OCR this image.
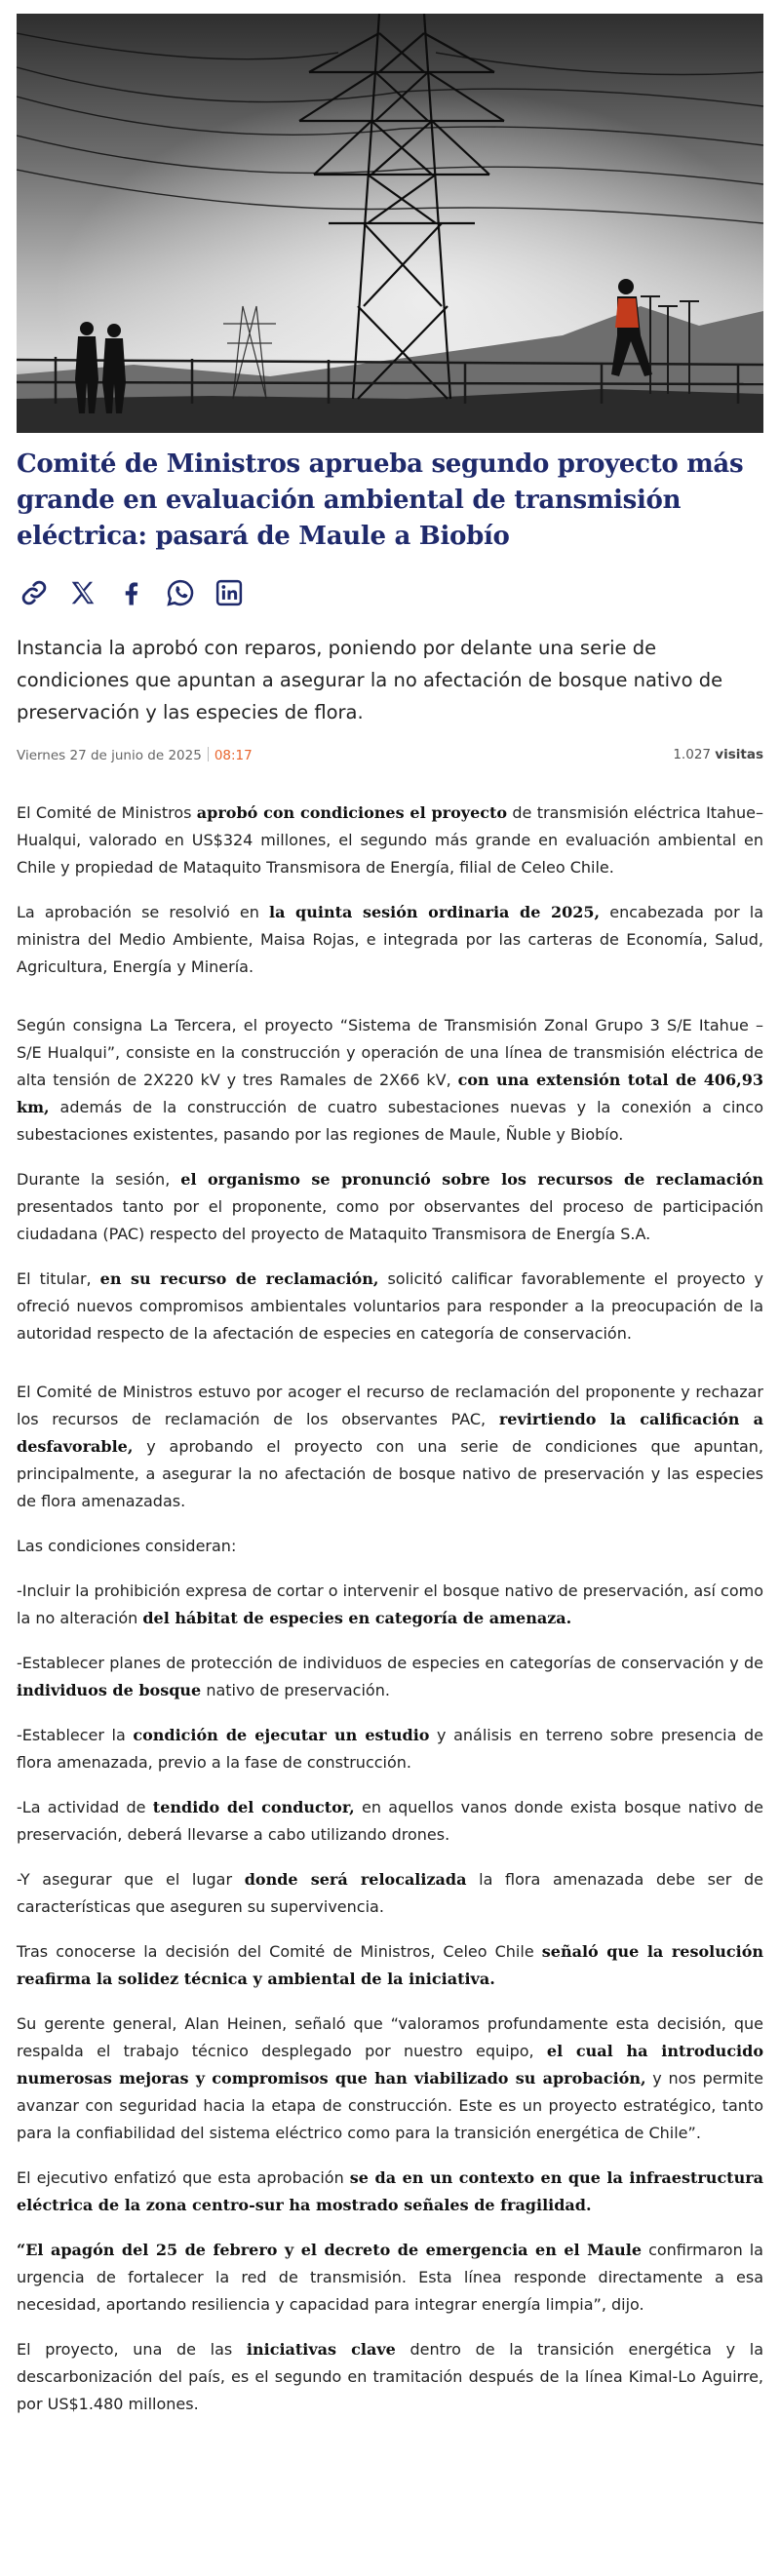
Comité de Ministros aprueba segundo proyecto más grande en evaluación ambiental de transmisión eléctrica: pasará de Maule a Biobío

Instancia la aprobó con reparos, poniendo por delante una serie de condiciones que apuntan a asegurar la no afectación de bosque nativo de preservación y las especies de flora.

Viernes 27 de junio de 2025 08:17	1.027 visitas

El Comité de Ministros aprobó con condiciones el proyecto de transmisión eléctrica Itahue–Hualqui, valorado en US$324 millones, el segundo más grande en evaluación ambiental en Chile y propiedad de Mataquito Transmisora de Energía, filial de Celeo Chile.

La aprobación se resolvió en la quinta sesión ordinaria de 2025, encabezada por la ministra del Medio Ambiente, Maisa Rojas, e integrada por las carteras de Economía, Salud, Agricultura, Energía y Minería.

Según consigna La Tercera, el proyecto “Sistema de Transmisión Zonal Grupo 3 S/E Itahue – S/E Hualqui”, consiste en la construcción y operación de una línea de transmisión eléctrica de alta tensión de 2X220 kV y tres Ramales de 2X66 kV, con una extensión total de 406,93 km, además de la construcción de cuatro subestaciones nuevas y la conexión a cinco subestaciones existentes, pasando por las regiones de Maule, Ñuble y Biobío.

Durante la sesión, el organismo se pronunció sobre los recursos de reclamación presentados tanto por el proponente, como por observantes del proceso de participación ciudadana (PAC) respecto del proyecto de Mataquito Transmisora de Energía S.A.

El titular, en su recurso de reclamación, solicitó calificar favorablemente el proyecto y ofreció nuevos compromisos ambientales voluntarios para responder a la preocupación de la autoridad respecto de la afectación de especies en categoría de conservación.

El Comité de Ministros estuvo por acoger el recurso de reclamación del proponente y rechazar los recursos de reclamación de los observantes PAC, revirtiendo la calificación a desfavorable, y aprobando el proyecto con una serie de condiciones que apuntan, principalmente, a asegurar la no afectación de bosque nativo de preservación y las especies de flora amenazadas.

Las condiciones consideran:

-Incluir la prohibición expresa de cortar o intervenir el bosque nativo de preservación, así como la no alteración del hábitat de especies en categoría de amenaza.

-Establecer planes de protección de individuos de especies en categorías de conservación y de individuos de bosque nativo de preservación.

-Establecer la condición de ejecutar un estudio y análisis en terreno sobre presencia de flora amenazada, previo a la fase de construcción.

-La actividad de tendido del conductor, en aquellos vanos donde exista bosque nativo de preservación, deberá llevarse a cabo utilizando drones.

-Y asegurar que el lugar donde será relocalizada la flora amenazada debe ser de características que aseguren su supervivencia.

Tras conocerse la decisión del Comité de Ministros, Celeo Chile señaló que la resolución reafirma la solidez técnica y ambiental de la iniciativa.

Su gerente general, Alan Heinen, señaló que “valoramos profundamente esta decisión, que respalda el trabajo técnico desplegado por nuestro equipo, el cual ha introducido numerosas mejoras y compromisos que han viabilizado su aprobación, y nos permite avanzar con seguridad hacia la etapa de construcción. Este es un proyecto estratégico, tanto para la confiabilidad del sistema eléctrico como para la transición energética de Chile”.

El ejecutivo enfatizó que esta aprobación se da en un contexto en que la infraestructura eléctrica de la zona centro-sur ha mostrado señales de fragilidad.

“El apagón del 25 de febrero y el decreto de emergencia en el Maule confirmaron la urgencia de fortalecer la red de transmisión. Esta línea responde directamente a esa necesidad, aportando resiliencia y capacidad para integrar energía limpia”, dijo.

El proyecto, una de las iniciativas clave dentro de la transición energética y la descarbonización del país, es el segundo en tramitación después de la línea Kimal-Lo Aguirre, por US$1.480 millones.
